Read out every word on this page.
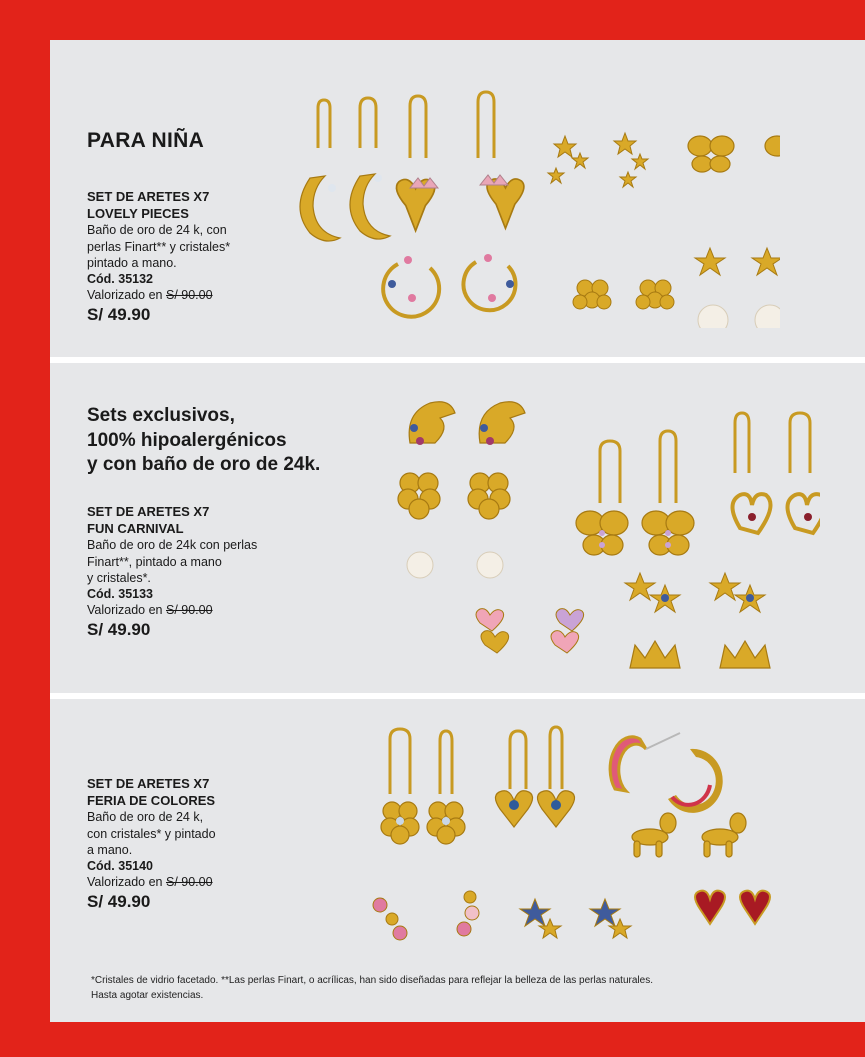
PARA NIÑA
SET DE ARETES X7
LOVELY PIECES
Baño de oro de 24 k, con
perlas Finart** y cristales*
pintado a mano.
Cód. 35132
Valorizado en S/ 90.00
S/ 49.90
Sets exclusivos,
100% hipoalergénicos
y con baño de oro de 24k.
SET DE ARETES X7
FUN CARNIVAL
Baño de oro de 24k con perlas
Finart**, pintado a mano
y cristales*.
Cód. 35133
Valorizado en S/ 90.00
S/ 49.90
SET DE ARETES X7
FERIA DE COLORES
Baño de oro de 24 k,
con cristales* y pintado
a mano.
Cód. 35140
Valorizado en S/ 90.00
S/ 49.90
*Cristales de vidrio facetado. **Las perlas Finart, o acrílicas, han sido diseñadas para reflejar la belleza de las perlas naturales.
Hasta agotar existencias.
